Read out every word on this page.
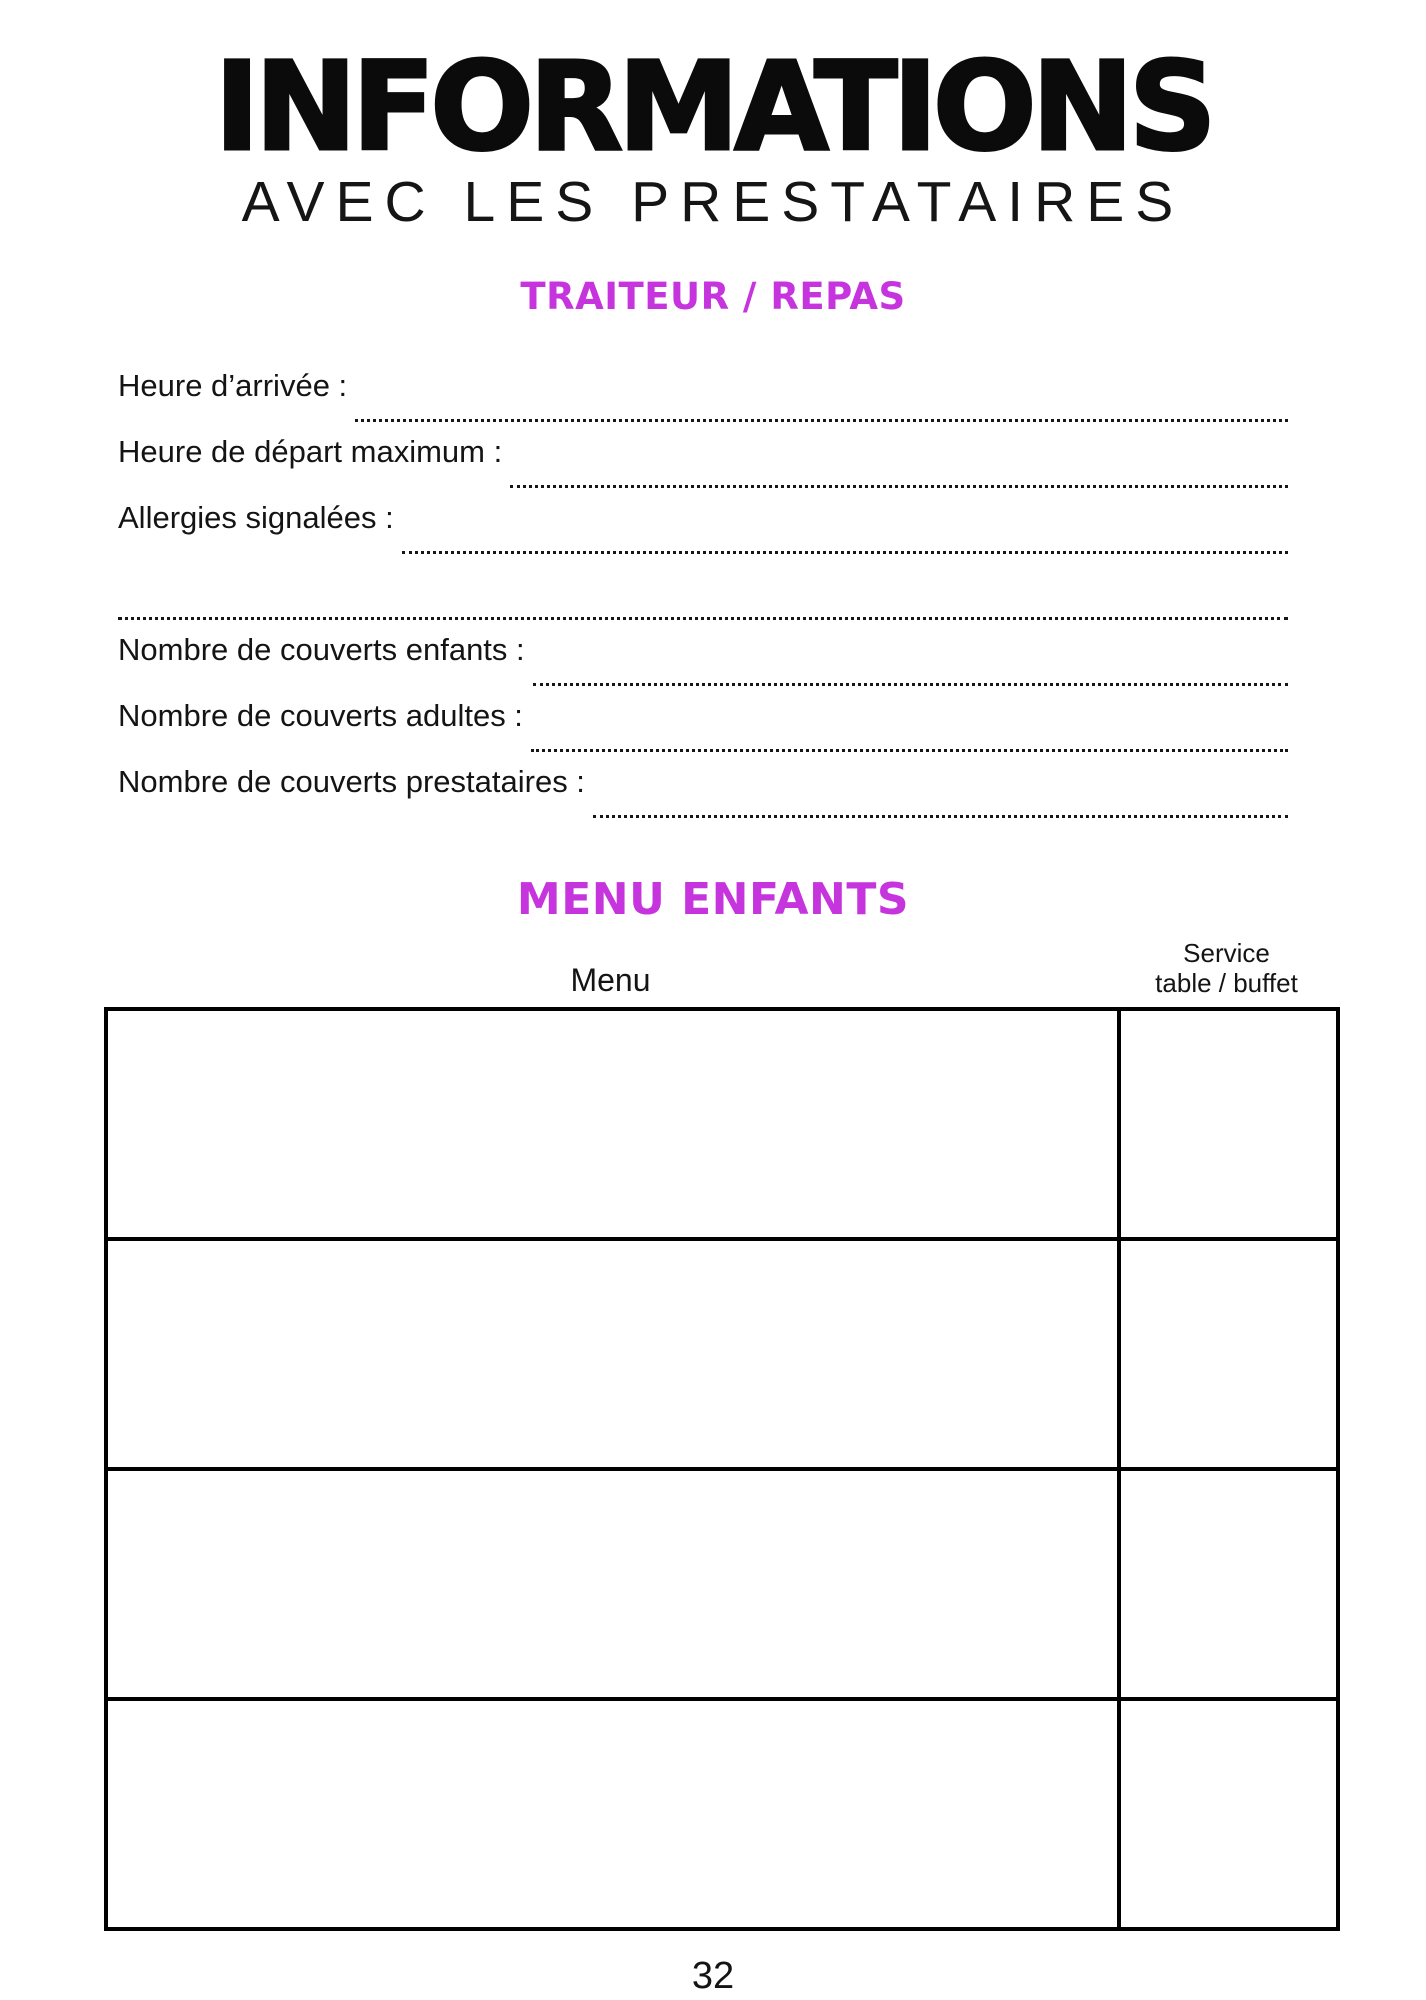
INFORMATIONS
AVEC LES PRESTATAIRES
TRAITEUR / REPAS
Heure d’arrivée :
Heure de départ maximum :
Allergies signalées :
Nombre de couverts enfants :
Nombre de couverts adultes :
Nombre de couverts prestataires :
MENU ENFANTS
Menu
Service
table / buffet

32
